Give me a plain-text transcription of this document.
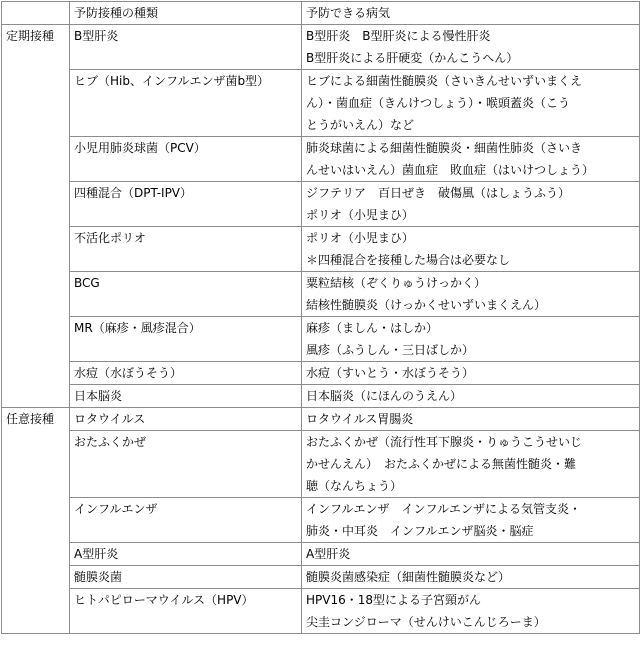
	予防接種の種類	予防できる病気
定期接種	B型肝炎	B型肝炎　B型肝炎による慢性肝炎
B型肝炎による肝硬変（かんこうへん）

	ヒブ（Hib、インフルエンザ菌b型）	ヒブによる細菌性髄膜炎（さいきんせいずいまくえ
ん）・菌血症（きんけつしょう）・喉頭蓋炎（こう
とうがいえん）など

	小児用肺炎球菌（PCV）	肺炎球菌による細菌性髄膜炎・細菌性肺炎（さいき
んせいはいえん）菌血症　敗血症（はいけつしょう）

	四種混合（DPT-IPV）	ジフテリア　百日ぜき　破傷風（はしょうふう）
ポリオ（小児まひ）

	不活化ポリオ	ポリオ（小児まひ）
＊四種混合を接種した場合は必要なし

	BCG	粟粒結核（ぞくりゅうけっかく）
結核性髄膜炎（けっかくせいずいまくえん）

	MR（麻疹・風疹混合）	麻疹（ましん・はしか）
風疹（ふうしん・三日ばしか）

	水痘（水ぼうそう）	水痘（すいとう・水ぼうそう）

	日本脳炎	日本脳炎（にほんのうえん）

任意接種	ロタウイルス	ロタウイルス胃腸炎

	おたふくかぜ	おたふくかぜ（流行性耳下腺炎・りゅうこうせいじ
かせんえん）　おたふくかぜによる無菌性髄炎・難
聴（なんちょう）

	インフルエンザ	インフルエンザ　インフルエンザによる気管支炎・
肺炎・中耳炎　インフルエンザ脳炎・脳症

	A型肝炎	A型肝炎

	髄膜炎菌	髄膜炎菌感染症（細菌性髄膜炎など）

	ヒトパピローマウイルス（HPV）	HPV16・18型による子宮頸がん
尖圭コンジローマ（せんけいこんじろーま）
